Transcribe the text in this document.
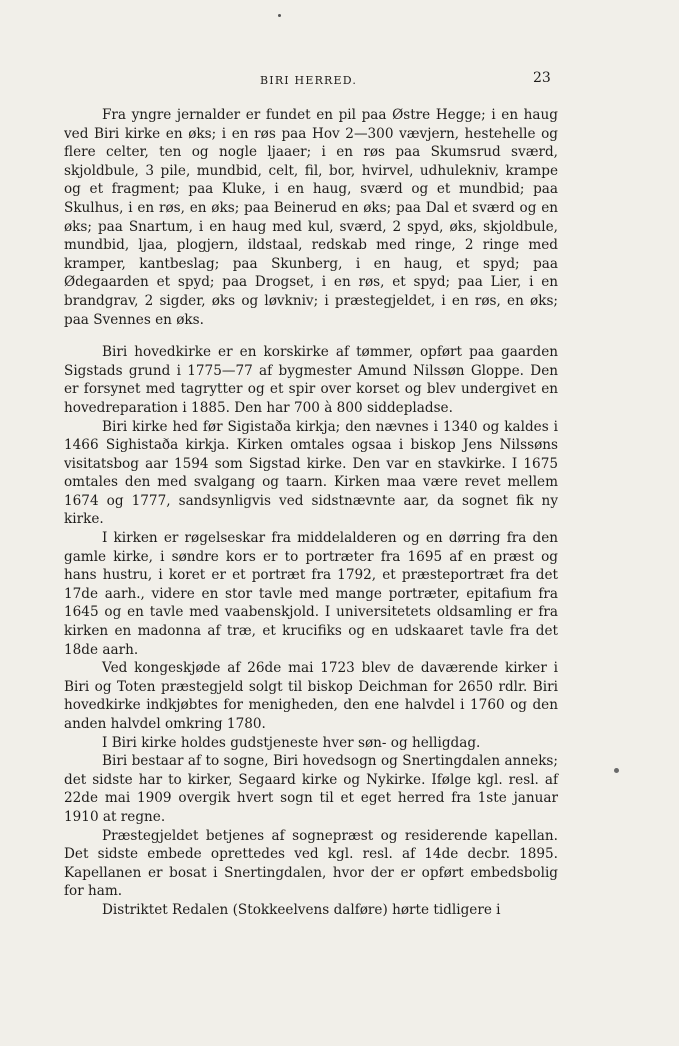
BIRI HERRED.	23

Fra yngre jernalder er fundet en pil paa Østre Hegge; i en haug ved Biri kirke en øks; i en røs paa Hov 2—300 vævjern, hestehelle og flere celter, ten og nogle ljaaer; i en røs paa Skumsrud sværd, skjoldbule, 3 pile, mundbid, celt, fil, bor, hvirvel, udhulekniv, krampe og et fragment; paa Kluke, i en haug, sværd og et mundbid; paa Skulhus, i en røs, en øks; paa Beinerud en øks; paa Dal et sværd og en øks; paa Snartum, i en haug med kul, sværd, 2 spyd, øks, skjoldbule, mundbid, ljaa, plogjern, ildstaal, redskab med ringe, 2 ringe med kramper, kantbeslag; paa Skunberg, i en haug, et spyd; paa Ødegaarden et spyd; paa Drogset, i en røs, et spyd; paa Lier, i en brandgrav, 2 sigder, øks og løvkniv; i præstegjeldet, i en røs, en øks; paa Svennes en øks.

Biri hovedkirke er en korskirke af tømmer, opført paa gaarden Sigstads grund i 1775—77 af bygmester Amund Nilssøn Gloppe. Den er forsynet med tagrytter og et spir over korset og blev undergivet en hovedreparation i 1885. Den har 700 à 800 siddepladse.

Biri kirke hed før Sigistaða kirkja; den nævnes i 1340 og kaldes i 1466 Sighistaða kirkja. Kirken omtales ogsaa i biskop Jens Nilssøns visitatsbog aar 1594 som Sigstad kirke. Den var en stavkirke. I 1675 omtales den med svalgang og taarn. Kirken maa være revet mellem 1674 og 1777, sandsynligvis ved sidstnævnte aar, da sognet fik ny kirke.

I kirken er røgelseskar fra middelalderen og en dørring fra den gamle kirke, i søndre kors er to portræter fra 1695 af en præst og hans hustru, i koret er et portræt fra 1792, et præsteportræt fra det 17de aarh., videre en stor tavle med mange portræter, epitafium fra 1645 og en tavle med vaabenskjold. I universitetets oldsamling er fra kirken en madonna af træ, et krucifiks og en udskaaret tavle fra det 18de aarh.

Ved kongeskjøde af 26de mai 1723 blev de daværende kirker i Biri og Toten præstegjeld solgt til biskop Deichman for 2650 rdlr. Biri hovedkirke indkjøbtes for menigheden, den ene halvdel i 1760 og den anden halvdel omkring 1780.

I Biri kirke holdes gudstjeneste hver søn- og helligdag.

Biri bestaar af to sogne, Biri hovedsogn og Snertingdalen anneks; det sidste har to kirker, Segaard kirke og Nykirke. Ifølge kgl. resl. af 22de mai 1909 overgik hvert sogn til et eget herred fra 1ste januar 1910 at regne.

Præstegjeldet betjenes af sognepræst og residerende kapellan. Det sidste embede oprettedes ved kgl. resl. af 14de decbr. 1895. Kapellanen er bosat i Snertingdalen, hvor der er opført embedsbolig for ham.

Distriktet Redalen (Stokkeelvens dalføre) hørte tidligere i
